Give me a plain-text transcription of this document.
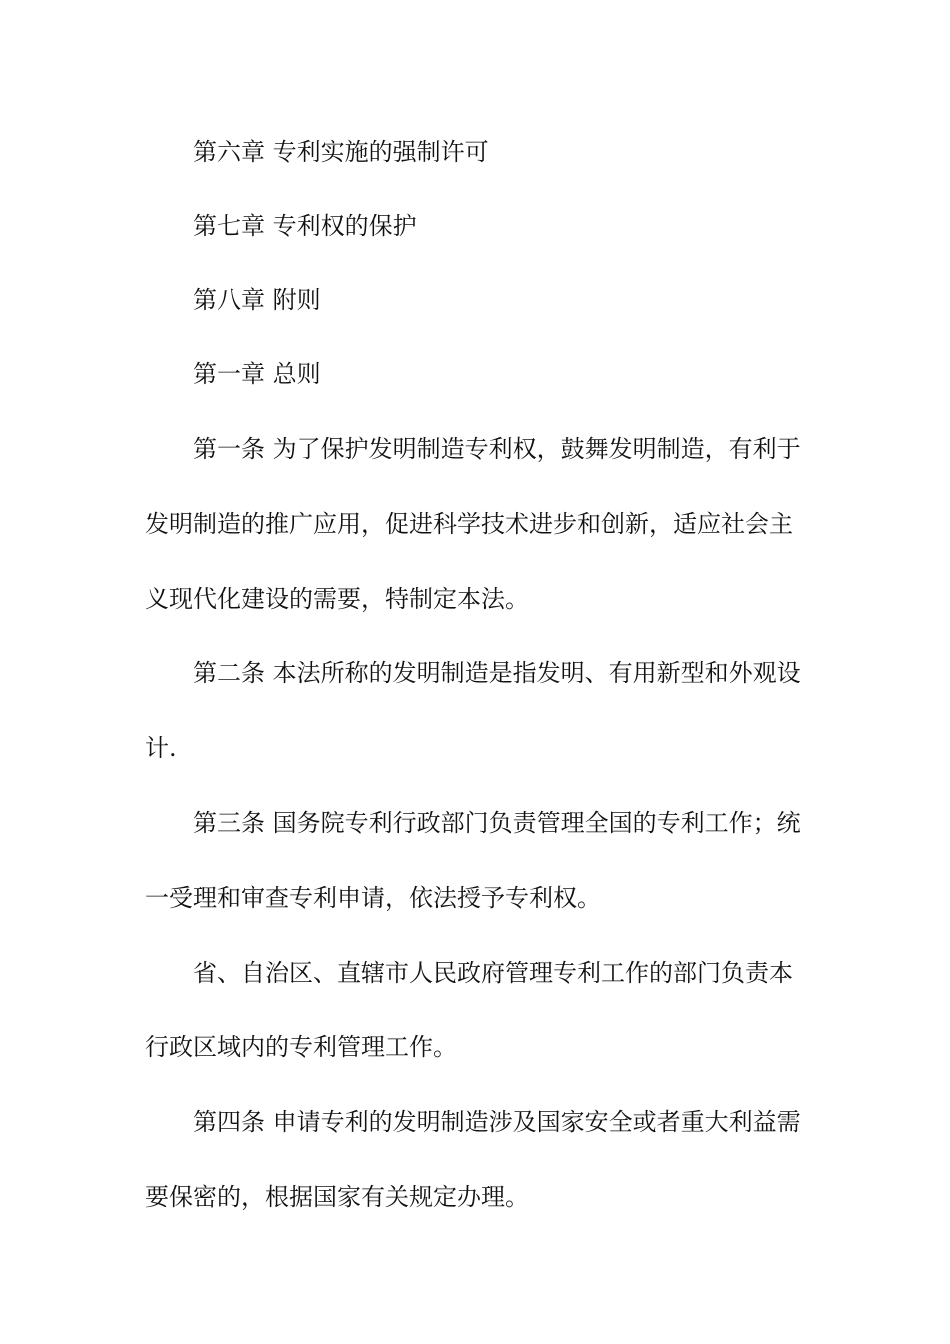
第六章 专利实施的强制许可
第七章 专利权的保护
第八章 附则
第一章 总则
第一条 为了保护发明制造专利权，鼓舞发明制造，有利于
发明制造的推广应用，促进科学技术进步和创新，适应社会主
义现代化建设的需要，特制定本法。
第二条 本法所称的发明制造是指发明、有用新型和外观设
计.
第三条 国务院专利行政部门负责管理全国的专利工作；统
一受理和审查专利申请，依法授予专利权。
省、自治区、直辖市人民政府管理专利工作的部门负责本
行政区域内的专利管理工作。
第四条 申请专利的发明制造涉及国家安全或者重大利益需
要保密的，根据国家有关规定办理。
